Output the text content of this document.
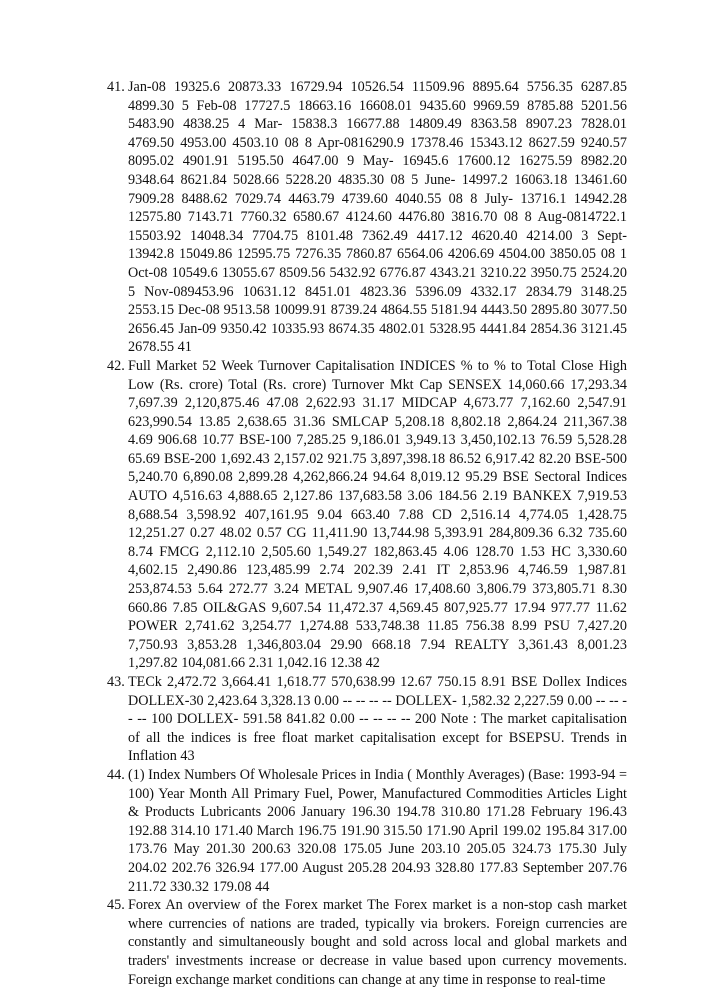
41. Jan-08 19325.6 20873.33 16729.94 10526.54 11509.96 8895.64 5756.35 6287.85 4899.30 5 Feb-08 17727.5 18663.16 16608.01 9435.60 9969.59 8785.88 5201.56 5483.90 4838.25 4 Mar- 15838.3 16677.88 14809.49 8363.58 8907.23 7828.01 4769.50 4953.00 4503.10 08 8 Apr-0816290.9 17378.46 15343.12 8627.59 9240.57 8095.02 4901.91 5195.50 4647.00 9 May- 16945.6 17600.12 16275.59 8982.20 9348.64 8621.84 5028.66 5228.20 4835.30 08 5 June- 14997.2 16063.18 13461.60 7909.28 8488.62 7029.74 4463.79 4739.60 4040.55 08 8 July- 13716.1 14942.28 12575.80 7143.71 7760.32 6580.67 4124.60 4476.80 3816.70 08 8 Aug-0814722.1 15503.92 14048.34 7704.75 8101.48 7362.49 4417.12 4620.40 4214.00 3 Sept- 13942.8 15049.86 12595.75 7276.35 7860.87 6564.06 4206.69 4504.00 3850.05 08 1 Oct-08 10549.6 13055.67 8509.56 5432.92 6776.87 4343.21 3210.22 3950.75 2524.20 5 Nov-089453.96 10631.12 8451.01 4823.36 5396.09 4332.17 2834.79 3148.25 2553.15 Dec-08 9513.58 10099.91 8739.24 4864.55 5181.94 4443.50 2895.80 3077.50 2656.45 Jan-09 9350.42 10335.93 8674.35 4802.01 5328.95 4441.84 2854.36 3121.45 2678.55 41
42. Full Market 52 Week Turnover Capitalisation INDICES % to % to Total Close High Low (Rs. crore) Total (Rs. crore) Turnover Mkt Cap SENSEX 14,060.66 17,293.34 7,697.39 2,120,875.46 47.08 2,622.93 31.17 MIDCAP 4,673.77 7,162.60 2,547.91 623,990.54 13.85 2,638.65 31.36 SMLCAP 5,208.18 8,802.18 2,864.24 211,367.38 4.69 906.68 10.77 BSE-100 7,285.25 9,186.01 3,949.13 3,450,102.13 76.59 5,528.28 65.69 BSE-200 1,692.43 2,157.02 921.75 3,897,398.18 86.52 6,917.42 82.20 BSE-500 5,240.70 6,890.08 2,899.28 4,262,866.24 94.64 8,019.12 95.29 BSE Sectoral Indices AUTO 4,516.63 4,888.65 2,127.86 137,683.58 3.06 184.56 2.19 BANKEX 7,919.53 8,688.54 3,598.92 407,161.95 9.04 663.40 7.88 CD 2,516.14 4,774.05 1,428.75 12,251.27 0.27 48.02 0.57 CG 11,411.90 13,744.98 5,393.91 284,809.36 6.32 735.60 8.74 FMCG 2,112.10 2,505.60 1,549.27 182,863.45 4.06 128.70 1.53 HC 3,330.60 4,602.15 2,490.86 123,485.99 2.74 202.39 2.41 IT 2,853.96 4,746.59 1,987.81 253,874.53 5.64 272.77 3.24 METAL 9,907.46 17,408.60 3,806.79 373,805.71 8.30 660.86 7.85 OIL&GAS 9,607.54 11,472.37 4,569.45 807,925.77 17.94 977.77 11.62 POWER 2,741.62 3,254.77 1,274.88 533,748.38 11.85 756.38 8.99 PSU 7,427.20 7,750.93 3,853.28 1,346,803.04 29.90 668.18 7.94 REALTY 3,361.43 8,001.23 1,297.82 104,081.66 2.31 1,042.16 12.38 42
43. TECk 2,472.72 3,664.41 1,618.77 570,638.99 12.67 750.15 8.91 BSE Dollex Indices DOLLEX-30 2,423.64 3,328.13 0.00 -- -- -- -- DOLLEX- 1,582.32 2,227.59 0.00 -- -- -- -- 100 DOLLEX- 591.58 841.82 0.00 -- -- -- -- 200 Note : The market capitalisation of all the indices is free float market capitalisation except for BSEPSU. Trends in Inflation 43
44. (1) Index Numbers Of Wholesale Prices in India ( Monthly Averages) (Base: 1993-94 = 100) Year Month All Primary Fuel, Power, Manufactured Commodities Articles Light & Products Lubricants 2006 January 196.30 194.78 310.80 171.28 February 196.43 192.88 314.10 171.40 March 196.75 191.90 315.50 171.90 April 199.02 195.84 317.00 173.76 May 201.30 200.63 320.08 175.05 June 203.10 205.05 324.73 175.30 July 204.02 202.76 326.94 177.00 August 205.28 204.93 328.80 177.83 September 207.76 211.72 330.32 179.08 44
45. Forex An overview of the Forex market The Forex market is a non-stop cash market where currencies of nations are traded, typically via brokers. Foreign currencies are constantly and simultaneously bought and sold across local and global markets and traders' investments increase or decrease in value based upon currency movements. Foreign exchange market conditions can change at any time in response to real-time
